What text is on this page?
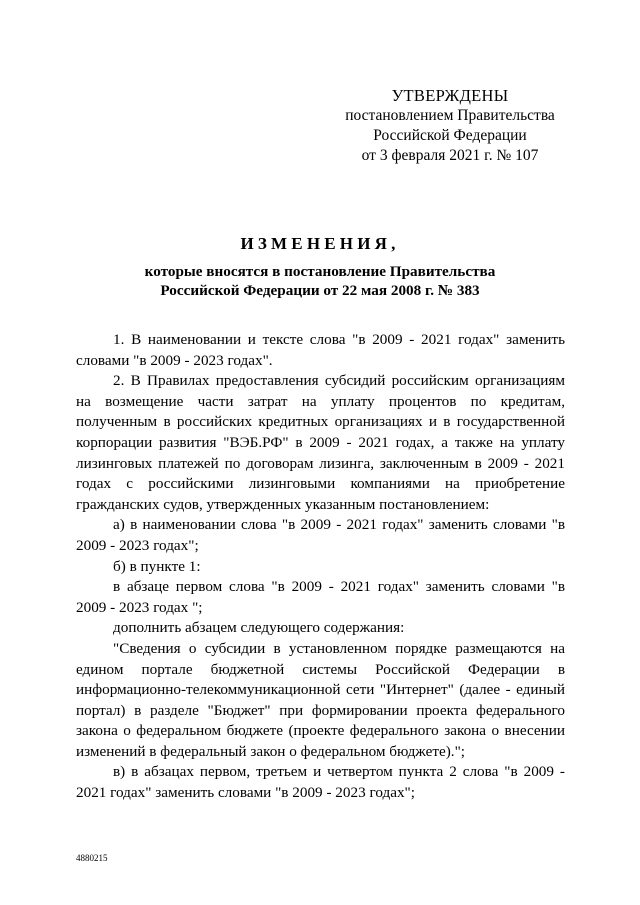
УТВЕРЖДЕНЫ
постановлением Правительства
Российской Федерации
от 3 февраля 2021 г. № 107
ИЗМЕНЕНИЯ,
которые вносятся в постановление Правительства
Российской Федерации от 22 мая 2008 г. № 383

1. В наименовании и тексте слова "в 2009 - 2021 годах" заменить словами "в 2009 - 2023 годах".

2. В Правилах предоставления субсидий российским организациям на возмещение части затрат на уплату процентов по кредитам, полученным в российских кредитных организациях и в государственной корпорации развития "ВЭБ.РФ" в 2009 - 2021 годах, а также на уплату лизинговых платежей по договорам лизинга, заключенным в 2009 - 2021 годах с российскими лизинговыми компаниями на приобретение гражданских судов, утвержденных указанным постановлением:

а) в наименовании слова "в 2009 - 2021 годах" заменить словами "в 2009 - 2023 годах";

б) в пункте 1:

в абзаце первом слова "в 2009 - 2021 годах" заменить словами "в 2009 - 2023 годах ";

дополнить абзацем следующего содержания:

"Сведения о субсидии в установленном порядке размещаются на едином портале бюджетной системы Российской Федерации в информационно-телекоммуникационной сети "Интернет" (далее - единый портал) в разделе "Бюджет" при формировании проекта федерального закона о федеральном бюджете (проекте федерального закона о внесении изменений в федеральный закон о федеральном бюджете).";

в) в абзацах первом, третьем и четвертом пункта 2 слова "в 2009 - 2021 годах" заменить словами "в 2009 - 2023 годах";

4880215
